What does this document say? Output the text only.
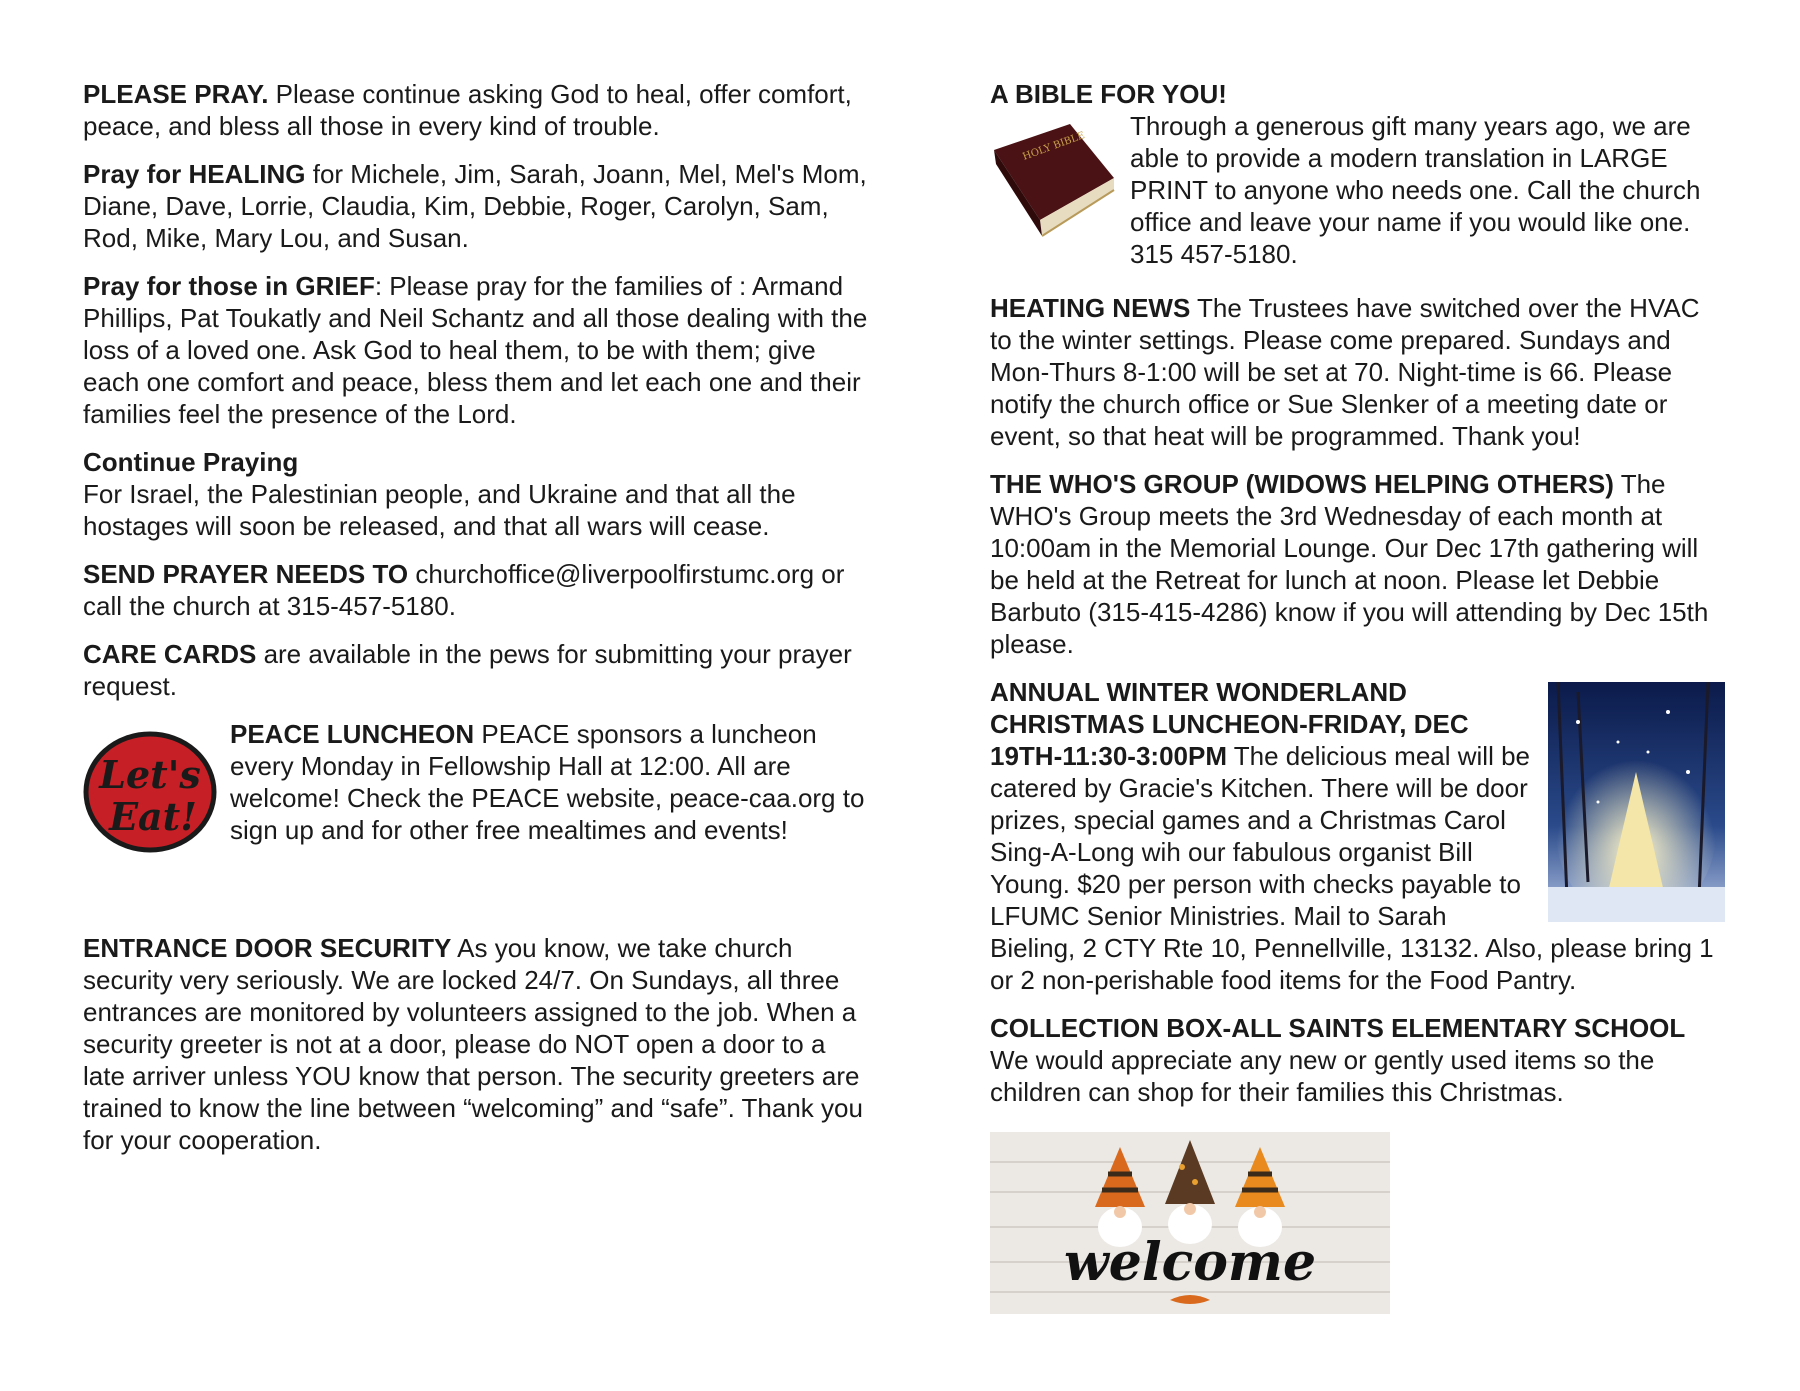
PLEASE PRAY. Please continue asking God to heal, offer comfort, peace, and bless all those in every kind of trouble.

Pray for HEALING for Michele, Jim, Sarah, Joann, Mel, Mel's Mom, Diane, Dave, Lorrie, Claudia, Kim, Debbie, Roger, Carolyn, Sam, Rod, Mike, Mary Lou, and Susan.

Pray for those in GRIEF: Please pray for the families of : Armand Phillips, Pat Toukatly and Neil Schantz and all those dealing with the loss of a loved one. Ask God to heal them, to be with them; give each one comfort and peace, bless them and let each one and their families feel the presence of the Lord.

Continue Praying
For Israel, the Palestinian people, and Ukraine and that all the hostages will soon be released, and that all wars will cease.

SEND PRAYER NEEDS TO churchoffice@liverpoolfirstumc.org or call the church at 315-457-5180.

CARE CARDS are available in the pews for submitting your prayer request.

Let's
Eat!

PEACE LUNCHEON PEACE sponsors a luncheon every Monday in Fellowship Hall at 12:00. All are welcome! Check the PEACE website, peace-caa.org to sign up and for other free mealtimes and events!

ENTRANCE DOOR SECURITY As you know, we take church security very seriously. We are locked 24/7. On Sundays, all three entrances are monitored by volunteers assigned to the job. When a security greeter is not at a door, please do NOT open a door to a late arriver unless YOU know that person. The security greeters are trained to know the line between “welcoming” and “safe”. Thank you for your cooperation.

A BIBLE FOR YOU!

HOLY BIBLE

Through a generous gift many years ago, we are able to provide a modern translation in LARGE PRINT to anyone who needs one. Call the church office and leave your name if you would like one. 315 457-5180.

HEATING NEWS The Trustees have switched over the HVAC to the winter settings. Please come prepared. Sundays and Mon-Thurs 8-1:00 will be set at 70. Night-time is 66. Please notify the church office or Sue Slenker of a meeting date or event, so that heat will be programmed. Thank you!

THE WHO'S GROUP (WIDOWS HELPING OTHERS) The WHO's Group meets the 3rd Wednesday of each month at 10:00am in the Memorial Lounge. Our Dec 17th gathering will be held at the Retreat for lunch at noon. Please let Debbie Barbuto (315-415-4286) know if you will attending by Dec 15th please.

ANNUAL WINTER WONDERLAND CHRISTMAS LUNCHEON-FRIDAY, DEC 19TH-11:30-3:00PM The delicious meal will be catered by Gracie's Kitchen. There will be door prizes, special games and a Christmas Carol Sing-A-Long wih our fabulous organist Bill Young. $20 per person with checks payable to LFUMC Senior Ministries. Mail to Sarah Bieling, 2 CTY Rte 10, Pennellville, 13132. Also, please bring 1 or 2 non-perishable food items for the Food Pantry.

COLLECTION BOX-ALL SAINTS ELEMENTARY SCHOOL
We would appreciate any new or gently used items so the children can shop for their families this Christmas.

welcome
